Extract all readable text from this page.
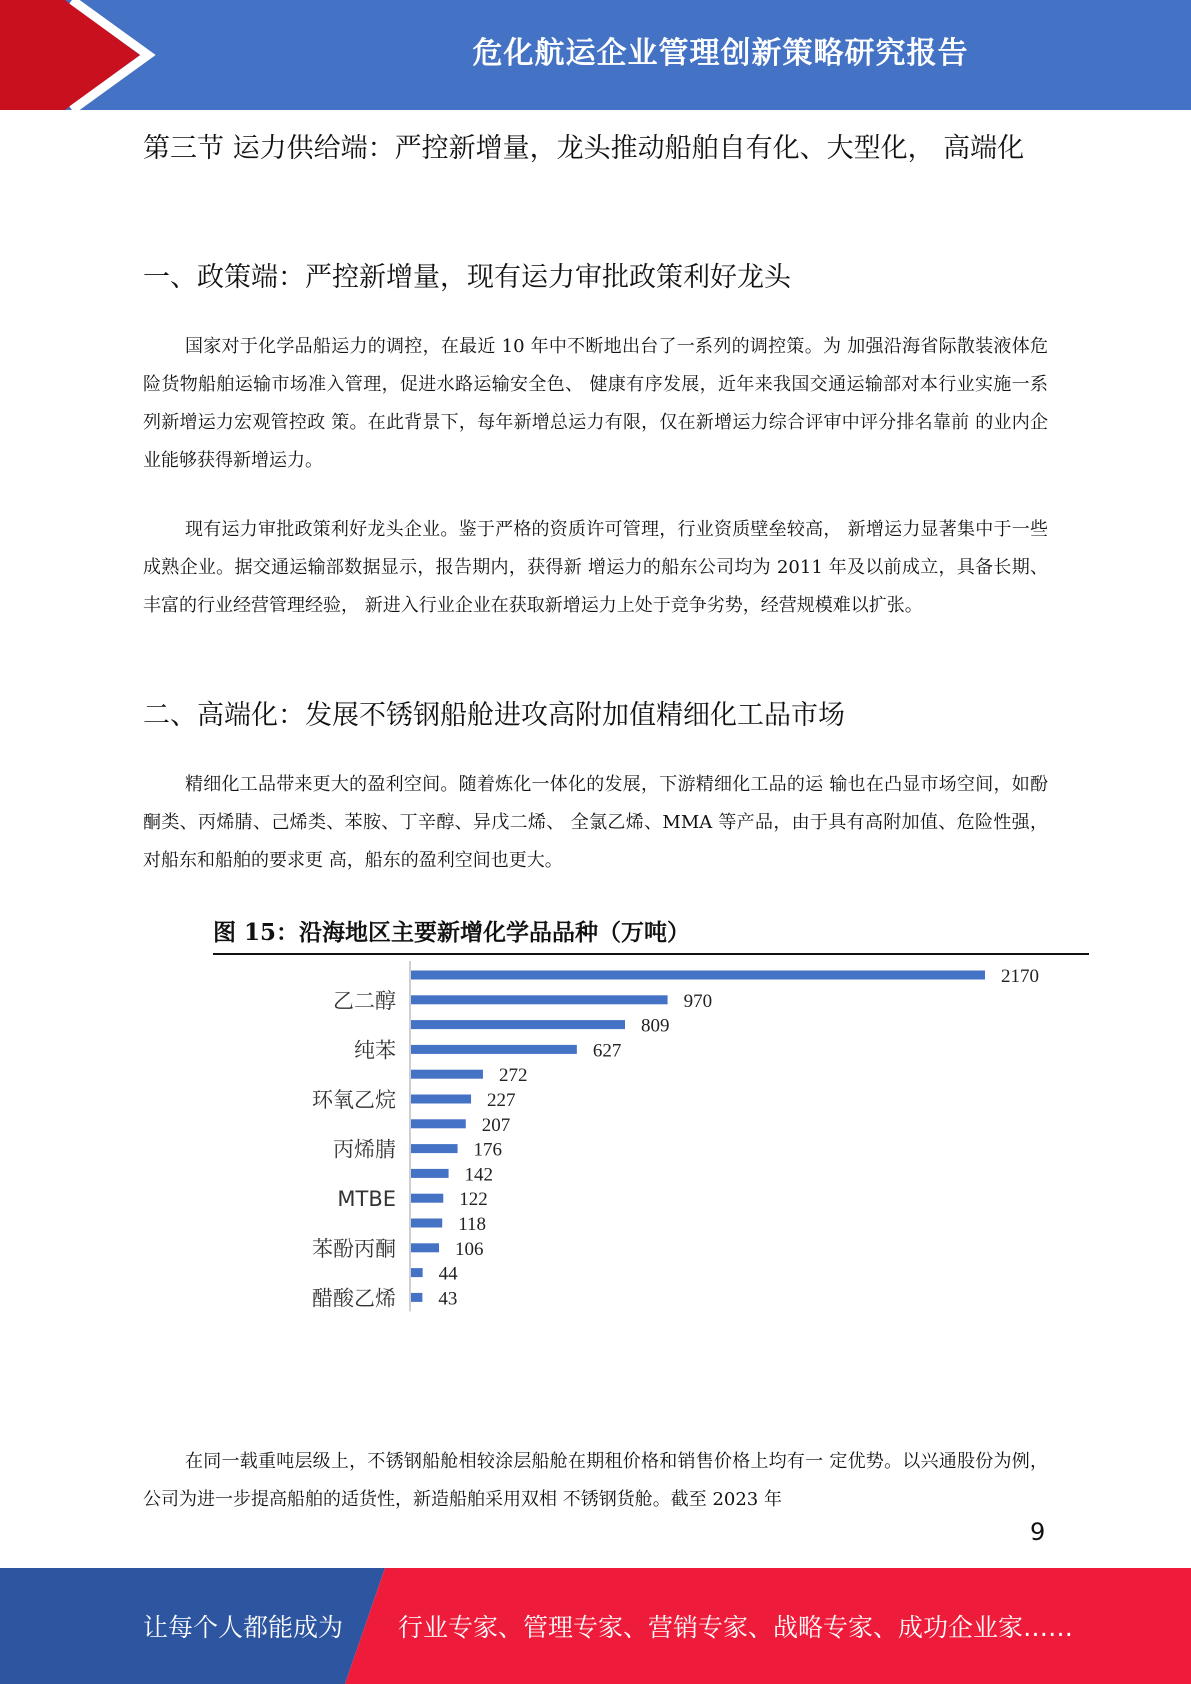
危化航运企业管理创新策略研究报告
第三节 运力供给端：严控新增量，龙头推动船舶自有化、大型化， 高端化
一、政策端：严控新增量，现有运力审批政策利好龙头
国家对于化学品船运力的调控，在最近 10 年中不断地出台了一系列的调控策。为 加强沿海省际散装液体危险货物船舶运输市场准入管理，促进水路运输安全色、 健康有序发展，近年来我国交通运输部对本行业实施一系列新增运力宏观管控政 策。在此背景下，每年新增总运力有限，仅在新增运力综合评审中评分排名靠前 的业内企业能够获得新增运力。
现有运力审批政策利好龙头企业。鉴于严格的资质许可管理，行业资质壁垒较高， 新增运力显著集中于一些成熟企业。据交通运输部数据显示，报告期内，获得新 增运力的船东公司均为 2011 年及以前成立，具备长期、丰富的行业经营管理经验， 新进入行业企业在获取新增运力上处于竞争劣势，经营规模难以扩张。
二、高端化：发展不锈钢船舱进攻高附加值精细化工品市场
精细化工品带来更大的盈利空间。随着炼化一体化的发展，下游精细化工品的运 输也在凸显市场空间，如酚酮类、丙烯腈、己烯类、苯胺、丁辛醇、异戊二烯、 全氯乙烯、MMA 等产品，由于具有高附加值、危险性强，对船东和船舶的要求更 高，船东的盈利空间也更大。
图 15：沿海地区主要新增化学品品种（万吨）
2170
970
乙二醇
809
627
纯苯
272
227
环氧乙烷
207
176
丙烯腈
142
122
MTBE
118
106
苯酚丙酮
44
43
醋酸乙烯
在同一载重吨层级上，不锈钢船舱相较涂层船舱在期租价格和销售价格上均有一 定优势。以兴通股份为例，公司为进一步提高船舶的适货性，新造船舶采用双相 不锈钢货舱。截至 2023 年
9
让每个人都能成为 行业专家、管理专家、营销专家、战略专家、成功企业家……
